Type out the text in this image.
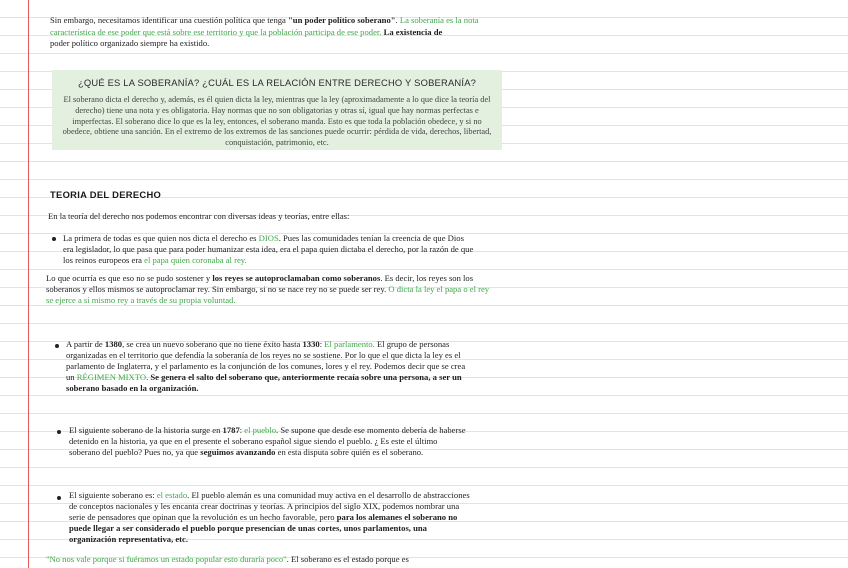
Sin embargo, necesitamos identificar una cuestión política que tenga "un poder político soberano". La soberanía es la nota característica de ese poder que está sobre ese territorio y que la población participa de ese poder. La existencia de
poder político organizado siempre ha existido.

¿QUÉ ES LA SOBERANÍA? ¿CUÁL ES LA RELACIÓN ENTRE DERECHO Y SOBERANÍA?
El soberano dicta el derecho y, además, es él quien dicta la ley, mientras que la ley (aproximadamente a lo que dice la teoría del derecho) tiene una nota y es obligatoria. Hay normas que no son obligatorias y otras sí, igual que hay normas perfectas e imperfectas. El soberano dice lo que es la ley, entonces, el soberano manda. Esto es que toda la población obedece, y si no obedece, obtiene una sanción. En el extremo de los extremos de las sanciones puede ocurrir: pérdida de vida, derechos, libertad, conquistación, patrimonio, etc.
TEORIA DEL DERECHO

En la teoría del derecho nos podemos encontrar con diversas ideas y teorías, entre ellas:

La primera de todas es que quien nos dicta el derecho es DIOS. Pues las comunidades tenían la creencia de que Dios era legislador, lo que pasa que para poder humanizar esta idea, era el papa quien dictaba el derecho, por la razón de que los reinos europeos era el papa quien coronaba al rey.

Lo que ocurría es que eso no se pudo sostener y los reyes se autoproclamaban como soberanos. Es decir, los reyes son los soberanos y ellos mismos se autoproclamar rey. Sin embargo, si no se nace rey no se puede ser rey. O dicta la ley el papa o el rey se ejerce a sí mismo rey a través de su propia voluntad.

A partir de 1380, se crea un nuevo soberano que no tiene éxito hasta 1330: El parlamento. El grupo de personas organizadas en el territorio que defendía la soberanía de los reyes no se sostiene. Por lo que el que dicta la ley es el parlamento de Inglaterra, y el parlamento es la conjunción de los comunes, lores y el rey. Podemos decir que se crea un RÉGIMEN MIXTO. Se genera el salto del soberano que, anteriormente recaía sobre una persona, a ser un soberano basado en la organización.

El siguiente soberano de la historia surge en 1787: el pueblo. Se supone que desde ese momento debería de haberse detenido en la historia, ya que en el presente el soberano español sigue siendo el pueblo. ¿ Es este el último soberano del pueblo? Pues no, ya que seguimos avanzando en esta disputa sobre quién es el soberano.

El siguiente soberano es: el estado. El pueblo alemán es una comunidad muy activa en el desarrollo de abstracciones de conceptos nacionales y les encanta crear doctrinas y teorías. A principios del siglo XIX, podemos nombrar una serie de pensadores que opinan que la revolución es un hecho favorable, pero para los alemanes el soberano no puede llegar a ser considerado el pueblo porque presencian de unas cortes, unos parlamentos, una organización representativa, etc.

"No nos vale porque si fuéramos un estado popular esto duraría poco". El soberano es el estado porque es
